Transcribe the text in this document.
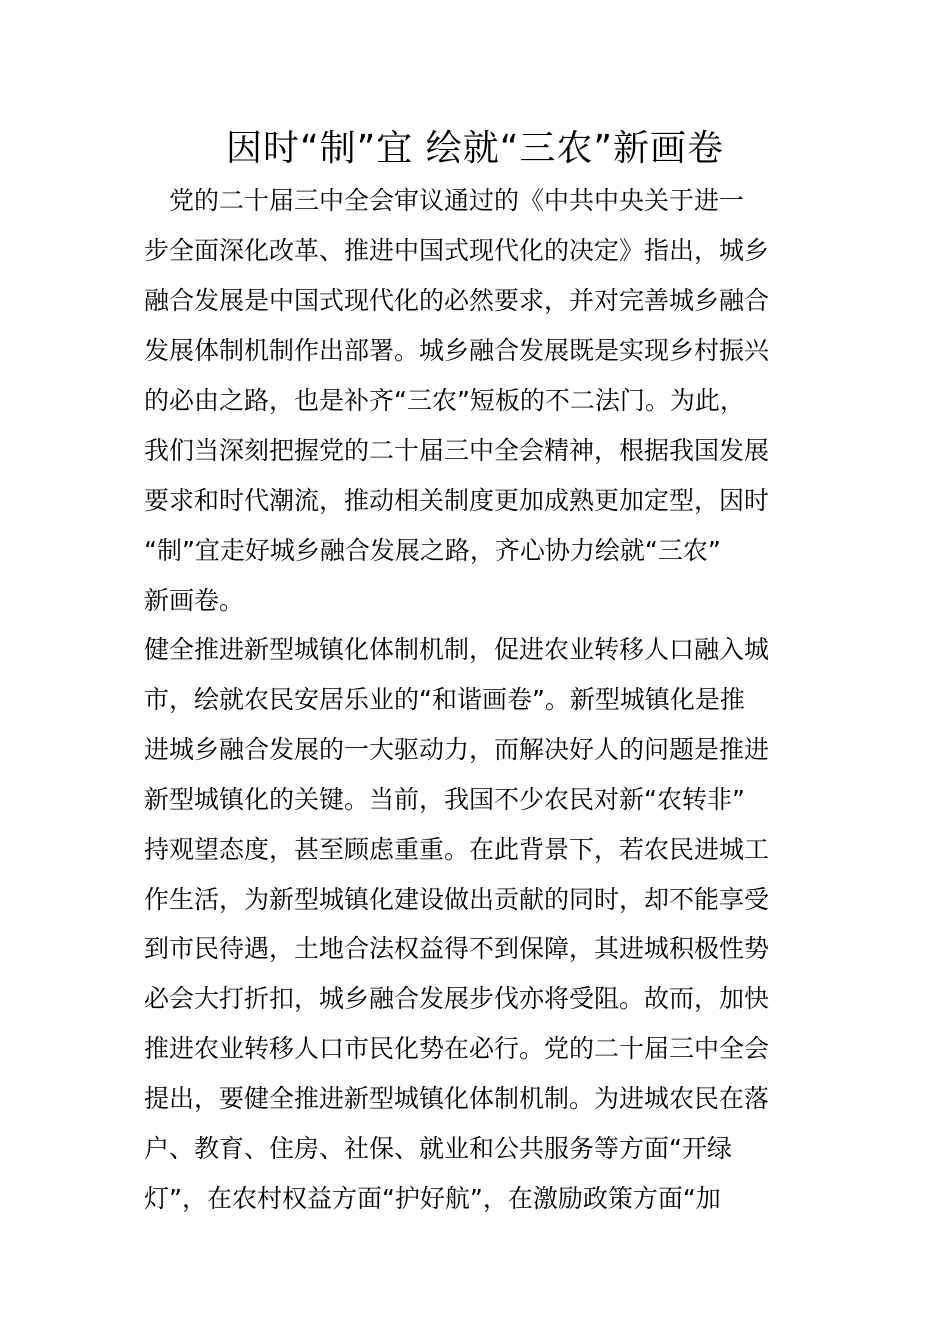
因时“制”宜 绘就“三农”新画卷
　党的二十届三中全会审议通过的《中共中央关于进一
步全面深化改革、推进中国式现代化的决定》指出，城乡
融合发展是中国式现代化的必然要求，并对完善城乡融合
发展体制机制作出部署。城乡融合发展既是实现乡村振兴
的必由之路，也是补齐“三农”短板的不二法门。为此，
我们当深刻把握党的二十届三中全会精神，根据我国发展
要求和时代潮流，推动相关制度更加成熟更加定型，因时
“制”宜走好城乡融合发展之路，齐心协力绘就“三农”
新画卷。
健全推进新型城镇化体制机制，促进农业转移人口融入城
市，绘就农民安居乐业的“和谐画卷”。新型城镇化是推
进城乡融合发展的一大驱动力，而解决好人的问题是推进
新型城镇化的关键。当前，我国不少农民对新“农转非”
持观望态度，甚至顾虑重重。在此背景下，若农民进城工
作生活，为新型城镇化建设做出贡献的同时，却不能享受
到市民待遇，土地合法权益得不到保障，其进城积极性势
必会大打折扣，城乡融合发展步伐亦将受阻。故而，加快
推进农业转移人口市民化势在必行。党的二十届三中全会
提出，要健全推进新型城镇化体制机制。为进城农民在落
户、教育、住房、社保、就业和公共服务等方面“开绿
灯”，在农村权益方面“护好航”，在激励政策方面“加
